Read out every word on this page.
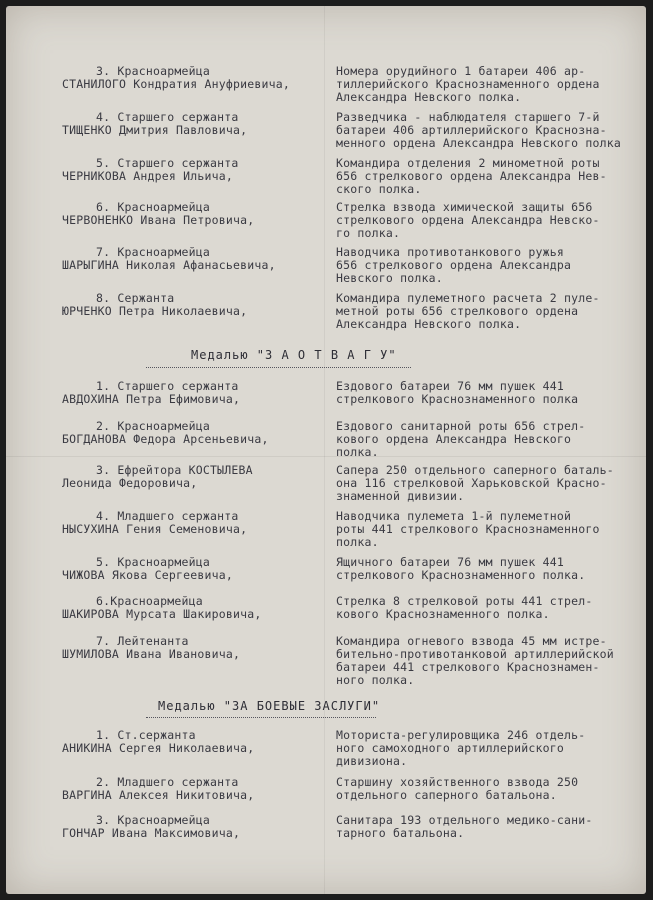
3. Красноармейца
СТАНИЛОГО Кондратия Ануфриевича,
Номера орудийного 1 батареи 406 ар-
тиллерийского Краснознаменного ордена
Александра Невского полка.
4. Старшего сержанта
ТИЩЕНКО Дмитрия Павловича,
Разведчика - наблюдателя старшего 7-й
батареи 406 артиллерийского Краснозна-
менного ордена Александра Невского полка
5. Старшего сержанта
ЧЕРНИКОВА Андрея Ильича,
Командира отделения 2 минометной роты
656 стрелкового ордена Александра Нев-
ского полка.
6. Красноармейца
ЧЕРВОНЕНКО Ивана Петровича,
Стрелка взвода химической защиты 656
стрелкового ордена Александра Невско-
го полка.
7. Красноармейца
ШАРЫГИНА Николая Афанасьевича,
Наводчика противотанкового ружья
656 стрелкового ордена Александра
Невского полка.
8. Сержанта
ЮРЧЕНКО Петра Николаевича,
Командира пулеметного расчета 2 пуле-
метной роты 656 стрелкового ордена
Александра Невского полка.
Медалью "З А О Т В А Г У"
1. Старшего сержанта
АВДОХИНА Петра Ефимовича,
Ездового батареи 76 мм пушек 441
стрелкового Краснознаменного полка
2. Красноармейца
БОГДАНОВА Федора Арсеньевича,
Ездового санитарной роты 656 стрел-
кового ордена Александра Невского
полка.
3. Ефрейтора КОСТЫЛЕВА
Леонида Федоровича,
Сапера 250 отдельного саперного баталь-
она 116 стрелковой Харьковской Красно-
знаменной дивизии.
4. Младшего сержанта
НЫСУХИНА Гения Семеновича,
Наводчика пулемета 1-й пулеметной
роты 441 стрелкового Краснознаменного
полка.
5. Красноармейца
ЧИЖОВА Якова Сергеевича,
Ящичного батареи 76 мм пушек 441
стрелкового Краснознаменного полка.
6.Красноармейца
ШАКИРОВА Мурсата Шакировича,
Стрелка 8 стрелковой роты 441 стрел-
кового Краснознаменного полка.
7. Лейтенанта
ШУМИЛОВА Ивана Ивановича,
Командира огневого взвода 45 мм истре-
бительно-противотанковой артиллерийской
батареи 441 стрелкового Краснознамен-
ного полка.
Медалью "ЗА БОЕВЫЕ ЗАСЛУГИ"
1. Ст.сержанта
АНИКИНА Сергея Николаевича,
Моториста-регулировщика 246 отдель-
ного самоходного артиллерийского
дивизиона.
2. Младшего сержанта
ВАРГИНА Алексея Никитовича,
Старшину хозяйственного взвода 250
отдельного саперного батальона.
3. Красноармейца
ГОНЧАР Ивана Максимовича,
Санитара 193 отдельного медико-сани-
тарного батальона.
